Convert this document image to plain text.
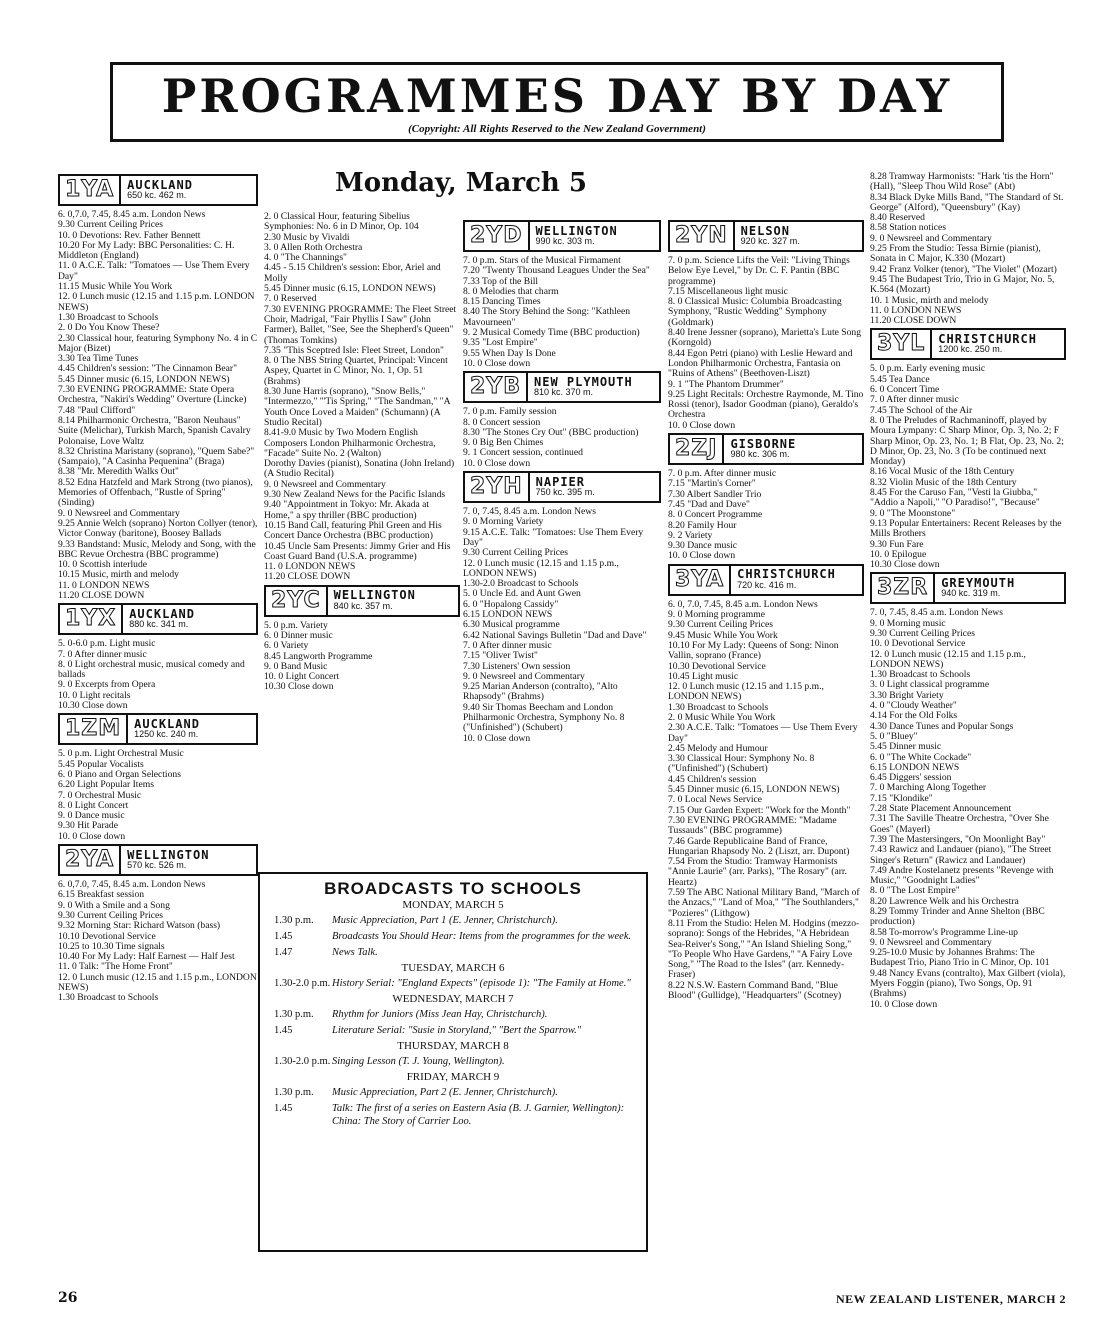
PROGRAMMES DAY BY DAY
(Copyright: All Rights Reserved to the New Zealand Government)
Monday, March 5
1YA	AUCKLAND
650 kc. 462 m.
6. 0,7.0, 7.45, 8.45 a.m. London News
9.30 Current Ceiling Prices
10. 0 Devotions: Rev. Father Bennett
10.20 For My Lady: BBC Personalities: C. H. Middleton (England)
11. 0 A.C.E. Talk: "Tomatoes — Use Them Every Day"
11.15 Music While You Work
12. 0 Lunch music (12.15 and 1.15 p.m. LONDON NEWS)
1.30 Broadcast to Schools
2. 0 Do You Know These?
2.30 Classical hour, featuring Symphony No. 4 in C Major (Bizet)
3.30 Tea Time Tunes
4.45 Children's session: "The Cinnamon Bear"
5.45 Dinner music (6.15, LONDON NEWS)
7.30 EVENING PROGRAMME: State Opera Orchestra, "Nakiri's Wedding" Overture (Lincke)
7.48 "Paul Clifford"
8.14 Philharmonic Orchestra, "Baron Neuhaus" Suite (Melichar), Turkish March, Spanish Cavalry Polonaise, Love Waltz
8.32 Christina Maristany (soprano), "Quem Sabe?" (Sampaio), "A Casinha Pequenina" (Braga)
8.38 "Mr. Meredith Walks Out"
8.52 Edna Hatzfeld and Mark Strong (two pianos), Memories of Offenbach, "Rustle of Spring" (Sinding)
9. 0 Newsreel and Commentary
9.25 Annie Welch (soprano) Norton Collyer (tenor), Victor Conway (baritone), Boosey Ballads
9.33 Bandstand: Music, Melody and Song, with the BBC Revue Orchestra (BBC programme)
10. 0 Scottish interlude
10.15 Music, mirth and melody
11. 0 LONDON NEWS
11.20 CLOSE DOWN
1YX	AUCKLAND
880 kc. 341 m.
5. 0-6.0 p.m. Light music
7. 0 After dinner music
8. 0 Light orchestral music, musical comedy and ballads
9. 0 Excerpts from Opera
10. 0 Light recitals
10.30 Close down
1ZM	AUCKLAND
1250 kc. 240 m.
5. 0 p.m. Light Orchestral Music
5.45 Popular Vocalists
6. 0 Piano and Organ Selections
6.20 Light Popular Items
7. 0 Orchestral Music
8. 0 Light Concert
9. 0 Dance music
9.30 Hit Parade
10. 0 Close down
2YA	WELLINGTON
570 kc. 526 m.
6. 0,7.0, 7.45, 8.45 a.m. London News
6.15 Breakfast session
9. 0 With a Smile and a Song
9.30 Current Ceiling Prices
9.32 Morning Star: Richard Watson (bass)
10.10 Devotional Service
10.25 to 10.30 Time signals
10.40 For My Lady: Half Earnest — Half Jest
11. 0 Talk: "The Home Front"
12. 0 Lunch music (12.15 and 1.15 p.m., LONDON NEWS)
1.30 Broadcast to Schools
2. 0 Classical Hour, featuring Sibelius Symphonies: No. 6 in D Minor, Op. 104
2.30 Music by Vivaldi
3. 0 Allen Roth Orchestra
4. 0 "The Channings"
4.45 - 5.15 Children's session: Ebor, Ariel and Molly
5.45 Dinner music (6.15, LONDON NEWS)
7. 0 Reserved
7.30 EVENING PROGRAMME: The Fleet Street Choir, Madrigal, "Fair Phyllis I Saw" (John Farmer), Ballet, "See, See the Shepherd's Queen" (Thomas Tomkins)
7.35 "This Sceptred Isle: Fleet Street, London"
8. 0 The NBS String Quartet, Principal: Vincent Aspey, Quartet in C Minor, No. 1, Op. 51 (Brahms)
8.30 June Harris (soprano), "Snow Bells," "Intermezzo," "'Tis Spring," "The Sandman," "A Youth Once Loved a Maiden" (Schumann) (A Studio Recital)
8.41-9.0 Music by Two Modern English Composers London Philharmonic Orchestra, "Facade" Suite No. 2 (Walton)
Dorothy Davies (pianist), Sonatina (John Ireland) (A Studio Recital)
9. 0 Newsreel and Commentary
9.30 New Zealand News for the Pacific Islands
9.40 "Appointment in Tokyo: Mr. Akada at Home," a spy thriller (BBC production)
10.15 Band Call, featuring Phil Green and His Concert Dance Orchestra (BBC production)
10.45 Uncle Sam Presents: Jimmy Grier and His Coast Guard Band (U.S.A. programme)
11. 0 LONDON NEWS
11.20 CLOSE DOWN
2YC	WELLINGTON
840 kc. 357 m.
5. 0 p.m. Variety
6. 0 Dinner music
6. 0 Variety
8.45 Langworth Programme
9. 0 Band Music
10. 0 Light Concert
10.30 Close down
2YD	WELLINGTON
990 kc. 303 m.
7. 0 p.m. Stars of the Musical Firmament
7.20 "Twenty Thousand Leagues Under the Sea"
7.33 Top of the Bill
8. 0 Melodies that charm
8.15 Dancing Times
8.40 The Story Behind the Song: "Kathleen Mavourneen"
9. 2 Musical Comedy Time (BBC production)
9.35 "Lost Empire"
9.55 When Day Is Done
10. 0 Close down
2YB	NEW PLYMOUTH
810 kc. 370 m.
7. 0 p.m. Family session
8. 0 Concert session
8.30 "The Stones Cry Out" (BBC production)
9. 0 Big Ben Chimes
9. 1 Concert session, continued
10. 0 Close down
2YH	NAPIER
750 kc. 395 m.
7. 0, 7.45, 8.45 a.m. London News
9. 0 Morning Variety
9.15 A.C.E. Talk: "Tomatoes: Use Them Every Day"
9.30 Current Ceiling Prices
12. 0 Lunch music (12.15 and 1.15 p.m., LONDON NEWS)
1.30-2.0 Broadcast to Schools
5. 0 Uncle Ed. and Aunt Gwen
6. 0 "Hopalong Cassidy"
6.15 LONDON NEWS
6.30 Musical programme
6.42 National Savings Bulletin "Dad and Dave"
7. 0 After dinner music
7.15 "Oliver Twist"
7.30 Listeners' Own session
9. 0 Newsreel and Commentary
9.25 Marian Anderson (contralto), "Alto Rhapsody" (Brahms)
9.40 Sir Thomas Beecham and London Philharmonic Orchestra, Symphony No. 8 ("Unfinished") (Schubert)
10. 0 Close down
2YN	NELSON
920 kc. 327 m.
7. 0 p.m. Science Lifts the Veil: "Living Things Below Eye Level," by Dr. C. F. Pantin (BBC programme)
7.15 Miscellaneous light music
8. 0 Classical Music: Columbia Broadcasting Symphony, "Rustic Wedding" Symphony (Goldmark)
8.40 Irene Jessner (soprano), Marietta's Lute Song (Korngold)
8.44 Egon Petri (piano) with Leslie Heward and London Philharmonic Orchestra, Fantasia on "Ruins of Athens" (Beethoven-Liszt)
9. 1 "The Phantom Drummer"
9.25 Light Recitals: Orchestre Raymonde, M. Tino Rossi (tenor), Isador Goodman (piano), Geraldo's Orchestra
10. 0 Close down
2ZJ	GISBORNE
980 kc. 306 m.
7. 0 p.m. After dinner music
7.15 "Martin's Corner"
7.30 Albert Sandler Trio
7.45 "Dad and Dave"
8. 0 Concert Programme
8.20 Family Hour
9. 2 Variety
9.30 Dance music
10. 0 Close down
3YA	CHRISTCHURCH
720 kc. 416 m.
6. 0, 7.0, 7.45, 8.45 a.m. London News
9. 0 Morning programme
9.30 Current Ceiling Prices
9.45 Music While You Work
10.10 For My Lady: Queens of Song: Ninon Vallin, soprano (France)
10.30 Devotional Service
10.45 Light music
12. 0 Lunch music (12.15 and 1.15 p.m., LONDON NEWS)
1.30 Broadcast to Schools
2. 0 Music While You Work
2.30 A.C.E. Talk: "Tomatoes — Use Them Every Day"
2.45 Melody and Humour
3.30 Classical Hour: Symphony No. 8 ("Unfinished") (Schubert)
4.45 Children's session
5.45 Dinner music (6.15, LONDON NEWS)
7. 0 Local News Service
7.15 Our Garden Expert: "Work for the Month"
7.30 EVENING PROGRAMME: "Madame Tussauds" (BBC programme)
7.46 Garde Republicaine Band of France, Hungarian Rhapsody No. 2 (Liszt, arr. Dupont)
7.54 From the Studio: Tramway Harmonists "Annie Laurie" (arr. Parks), "The Rosary" (arr. Heartz)
7.59 The ABC National Military Band, "March of the Anzacs," "Land of Moa," "The Southlanders," "Pozieres" (Lithgow)
8.11 From the Studio: Helen M. Hodgins (mezzo-soprano): Songs of the Hebrides, "A Hebridean Sea-Reiver's Song," "An Island Shieling Song," "To People Who Have Gardens," "A Fairy Love Song," "The Road to the Isles" (arr. Kennedy-Fraser)
8.22 N.S.W. Eastern Command Band, "Blue Blood" (Gullidge), "Headquarters" (Scotney)
8.28 Tramway Harmonists: "Hark 'tis the Horn" (Hall), "Sleep Thou Wild Rose" (Abt)
8.34 Black Dyke Mills Band, "The Standard of St. George" (Alford), "Queensbury" (Kay)
8.40 Reserved
8.58 Station notices
9. 0 Newsreel and Commentary
9.25 From the Studio: Tessa Birnie (pianist), Sonata in C Major, K.330 (Mozart)
9.42 Franz Volker (tenor), "The Violet" (Mozart)
9.45 The Budapest Trio, Trio in G Major, No. 5, K.564 (Mozart)
10. 1 Music, mirth and melody
11. 0 LONDON NEWS
11.20 CLOSE DOWN
3YL	CHRISTCHURCH
1200 kc. 250 m.
5. 0 p.m. Early evening music
5.45 Tea Dance
6. 0 Concert Time
7. 0 After dinner music
7.45 The School of the Air
8. 0 The Preludes of Rachmaninoff, played by Moura Lympany: C Sharp Minor, Op. 3, No. 2; F Sharp Minor, Op. 23, No. 1; B Flat, Op. 23, No. 2; D Minor, Op. 23, No. 3 (To be continued next Monday)
8.16 Vocal Music of the 18th Century
8.32 Violin Music of the 18th Century
8.45 For the Caruso Fan, "Vesti la Giubba," "Addio a Napoli," "O Paradiso!", "Because"
9. 0 "The Moonstone"
9.13 Popular Entertainers: Recent Releases by the Mills Brothers
9.30 Fun Fare
10. 0 Epilogue
10.30 Close down
3ZR	GREYMOUTH
940 kc. 319 m.
7. 0, 7.45, 8.45 a.m. London News
9. 0 Morning music
9.30 Current Ceiling Prices
10. 0 Devotional Service
12. 0 Lunch music (12.15 and 1.15 p.m., LONDON NEWS)
1.30 Broadcast to Schools
3. 0 Light classical programme
3.30 Bright Variety
4. 0 "Cloudy Weather"
4.14 For the Old Folks
4.30 Dance Tunes and Popular Songs
5. 0 "Bluey"
5.45 Dinner music
6. 0 "The White Cockade"
6.15 LONDON NEWS
6.45 Diggers' session
7. 0 Marching Along Together
7.15 "Klondike"
7.28 State Placement Announcement
7.31 The Saville Theatre Orchestra, "Over She Goes" (Mayerl)
7.39 The Mastersingers, "On Moonlight Bay"
7.43 Rawicz and Landauer (piano), "The Street Singer's Return" (Rawicz and Landauer)
7.49 Andre Kostelanetz presents "Revenge with Music," "Goodnight Ladies"
8. 0 "The Lost Empire"
8.20 Lawrence Welk and his Orchestra
8.29 Tommy Trinder and Anne Shelton (BBC production)
8.58 To-morrow's Programme Line-up
9. 0 Newsreel and Commentary
9.25-10.0 Music by Johannes Brahms: The Budapest Trio, Piano Trio in C Minor, Op. 101
9.48 Nancy Evans (contralto), Max Gilbert (viola), Myers Foggin (piano), Two Songs, Op. 91 (Brahms)
10. 0 Close down
BROADCASTS TO SCHOOLS
MONDAY, MARCH 5
1.30 p.m.	Music Appreciation, Part 1 (E. Jenner, Christchurch).
1.45	Broadcasts You Should Hear: Items from the programmes for the week.
1.47	News Talk.
TUESDAY, MARCH 6
1.30-2.0 p.m. History Serial: "England Expects" (episode 1): "The Family at Home."
WEDNESDAY, MARCH 7
1.30 p.m.	Rhythm for Juniors (Miss Jean Hay, Christchurch).
1.45	Literature Serial: "Susie in Storyland," "Bert the Sparrow."
THURSDAY, MARCH 8
1.30-2.0 p.m. Singing Lesson (T. J. Young, Wellington).
FRIDAY, MARCH 9
1.30 p.m.	Music Appreciation, Part 2 (E. Jenner, Christchurch).
1.45	Talk: The first of a series on Eastern Asia (B. J. Garnier, Wellington): China: The Story of Carrier Loo.
26	NEW ZEALAND LISTENER, MARCH 2
